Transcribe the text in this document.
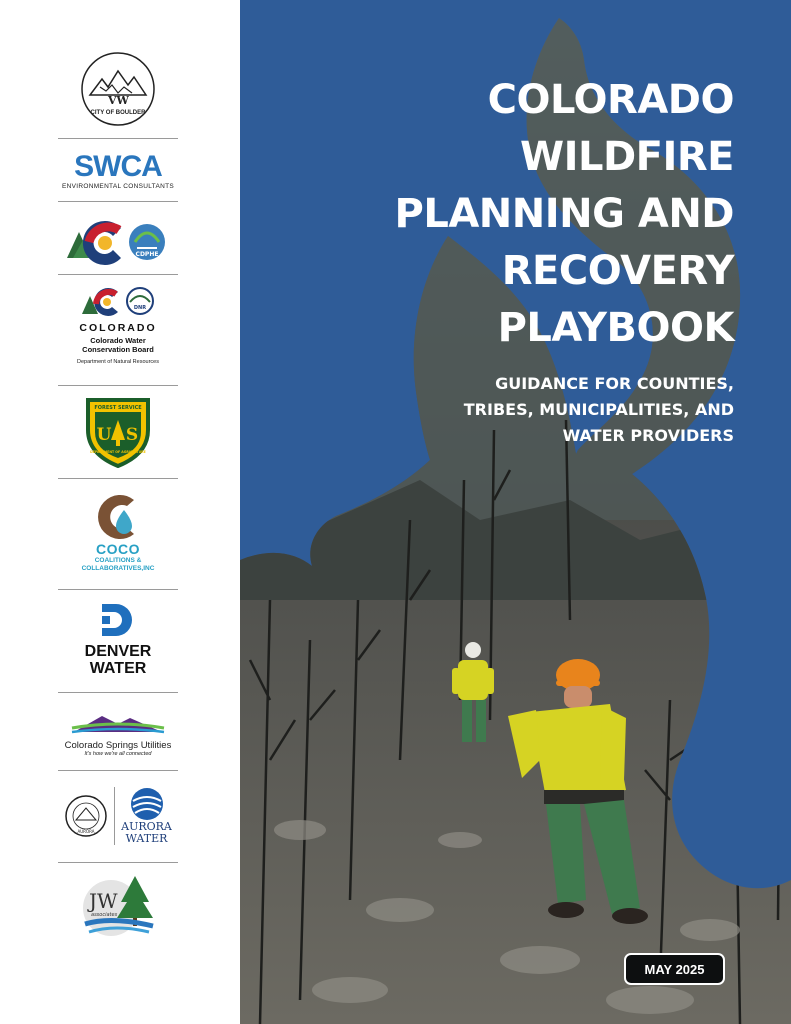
VW
CITY OF BOULDER
SWCA
ENVIRONMENTAL CONSULTANTS
CDPHE
DNR
COLORADO
Colorado Water
Conservation Board
Department of Natural Resources
FOREST SERVICE
U S
DEPARTMENT OF AGRICULTURE
COCO
COALITIONS &
COLLABORATIVES,INC
DENVER
WATER
Colorado Springs Utilities
It's how we're all connected
AURORA AURORA
WATER
JW
associates
COLORADO
WILDFIRE
PLANNING AND
RECOVERY
PLAYBOOK
GUIDANCE FOR COUNTIES,
TRIBES, MUNICIPALITIES, AND
WATER PROVIDERS
MAY 2025
